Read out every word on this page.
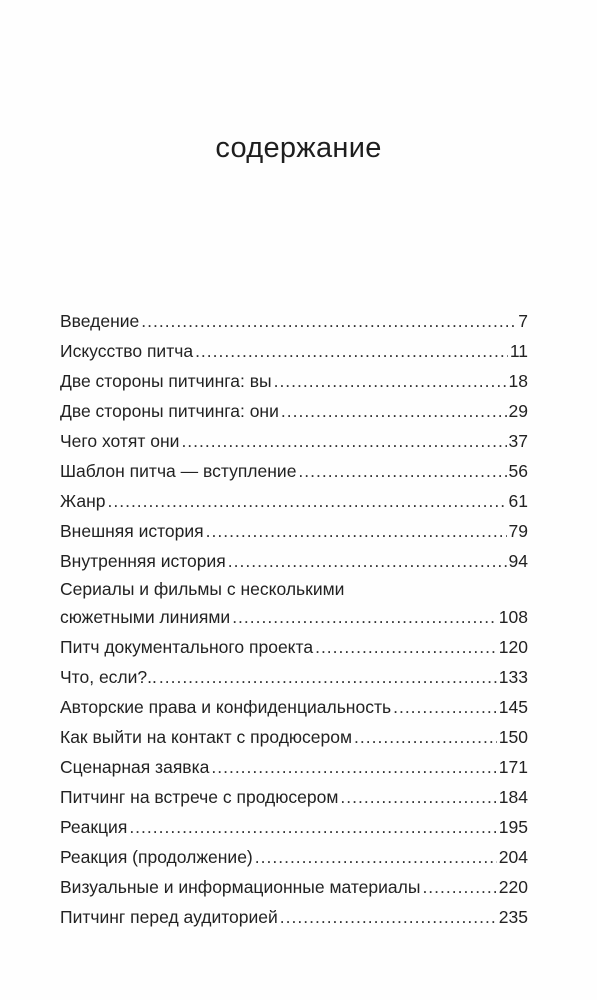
содержание
Введение .....	7
Искусство питча .....	11
Две стороны питчинга: вы .....	18
Две стороны питчинга: они .....	29
Чего хотят они .....	37
Шаблон питча — вступление .....	56
Жанр .....	61
Внешняя история .....	79
Внутренняя история .....	94
Сериалы и фильмы с несколькими
сюжетными линиями .....	108
Питч документального проекта .....	120
Что, если?.. .....	133
Авторские права и конфиденциальность .....	145
Как выйти на контакт с продюсером .....	150
Сценарная заявка .....	171
Питчинг на встрече с продюсером .....	184
Реакция .....	195
Реакция (продолжение) .....	204
Визуальные и информационные материалы .....	220
Питчинг перед аудиторией .....	235
